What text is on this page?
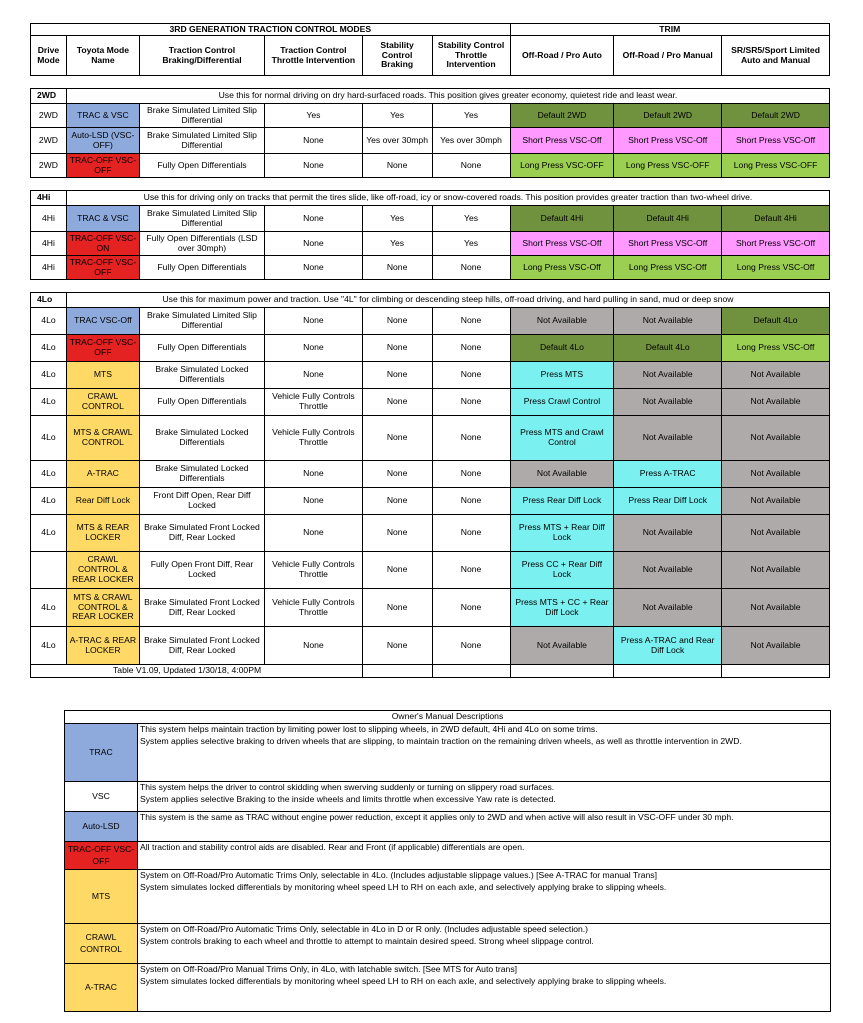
3RD GENERATION TRACTION CONTROL MODES						TRIM		
Drive Mode	Toyota Mode Name	Traction Control Braking/Differential	Traction Control Throttle Intervention	Stability Control Braking	Stability Control Throttle Intervention	Off-Road / Pro Auto	Off-Road / Pro Manual	SR/SR5/Sport Limited Auto and Manual

2WD	Use this for normal driving on dry hard-surfaced roads. This position gives greater economy, quietest ride and least wear.							
2WD	TRAC & VSC	Brake Simulated Limited Slip Differential	Yes	Yes	Yes	Default 2WD	Default 2WD	Default 2WD
2WD	Auto-LSD (VSC-OFF)	Brake Simulated Limited Slip Differential	None	Yes over 30mph	Yes over 30mph	Short Press VSC-Off	Short Press VSC-Off	Short Press VSC-Off
2WD	TRAC-OFF VSC-OFF	Fully Open Differentials	None	None	None	Long Press VSC-OFF	Long Press VSC-OFF	Long Press VSC-OFF

4Hi	Use this for driving only on tracks that permit the tires slide, like off-road, icy or snow-covered roads. This position provides greater traction than two-wheel drive.							
4Hi	TRAC & VSC	Brake Simulated Limited Slip Differential	None	Yes	Yes	Default 4Hi	Default 4Hi	Default 4Hi
4Hi	TRAC-OFF VSC-ON	Fully Open Differentials (LSD over 30mph)	None	Yes	Yes	Short Press VSC-Off	Short Press VSC-Off	Short Press VSC-Off
4Hi	TRAC-OFF VSC-OFF	Fully Open Differentials	None	None	None	Long Press VSC-Off	Long Press VSC-Off	Long Press VSC-Off

4Lo	Use this for maximum power and traction. Use "4L" for climbing or descending steep hills, off-road driving, and hard pulling in sand, mud or deep snow							
4Lo	TRAC VSC-Off	Brake Simulated Limited Slip Differential	None	None	None	Not Available	Not Available	Default 4Lo
4Lo	TRAC-OFF VSC-OFF	Fully Open Differentials	None	None	None	Default 4Lo	Default 4Lo	Long Press VSC-Off
4Lo	MTS	Brake Simulated Locked Differentials	None	None	None	Press MTS	Not Available	Not Available
4Lo	CRAWL CONTROL	Fully Open Differentials	Vehicle Fully Controls Throttle	None	None	Press Crawl Control	Not Available	Not Available
4Lo	MTS & CRAWL CONTROL	Brake Simulated Locked Differentials	Vehicle Fully Controls Throttle	None	None	Press MTS and Crawl Control	Not Available	Not Available
4Lo	A-TRAC	Brake Simulated Locked Differentials	None	None	None	Not Available	Press A-TRAC	Not Available
4Lo	Rear Diff Lock	Front Diff Open, Rear Diff Locked	None	None	None	Press Rear Diff Lock	Press Rear Diff Lock	Not Available
4Lo	MTS & REAR LOCKER	Brake Simulated Front Locked Diff, Rear Locked	None	None	None	Press MTS + Rear Diff Lock	Not Available	Not Available
	CRAWL CONTROL & REAR LOCKER	Fully Open Front Diff, Rear Locked	Vehicle Fully Controls Throttle	None	None	Press CC + Rear Diff Lock	Not Available	Not Available
4Lo	MTS & CRAWL CONTROL & REAR LOCKER	Brake Simulated Front Locked Diff, Rear Locked	Vehicle Fully Controls Throttle	None	None	Press MTS + CC + Rear Diff Lock	Not Available	Not Available
4Lo	A-TRAC & REAR LOCKER	Brake Simulated Front Locked Diff, Rear Locked	None	None	None	Not Available	Press A-TRAC and Rear Diff Lock	Not Available
Table V1.09, Updated 1/30/18, 4:00PM								
Owner's Manual Descriptions	
TRAC	This system helps maintain traction by limiting power lost to slipping wheels, in 2WD default, 4Hi and 4Lo on some trims.
System applies selective braking to driven wheels that are slipping, to maintain traction on the remaining driven wheels, as well as throttle intervention in 2WD.

VSC	This system helps the driver to control skidding when swerving suddenly or turning on slippery road surfaces.
System applies selective Braking to the inside wheels and limits throttle when excessive Yaw rate is detected.

Auto-LSD	This system is the same as TRAC without engine power reduction, except it applies only to 2WD and when active will also result in VSC-OFF under 30 mph.

TRAC-OFF VSC-OFF	All traction and stability control aids are disabled. Rear and Front (if applicable) differentials are open.

MTS	System on Off-Road/Pro Automatic Trims Only, selectable in 4Lo. (Includes adjustable slippage values.) [See A-TRAC for manual Trans]
System simulates locked differentials by monitoring wheel speed LH to RH on each axle, and selectively applying brake to slipping wheels.

CRAWL CONTROL	System on Off-Road/Pro Automatic Trims Only, selectable in 4Lo in D or R only. (Includes adjustable speed selection.)
System controls braking to each wheel and throttle to attempt to maintain desired speed. Strong wheel slippage control.

A-TRAC	System on Off-Road/Pro Manual Trims Only, in 4Lo, with latchable switch. [See MTS for Auto trans]
System simulates locked differentials by monitoring wheel speed LH to RH on each axle, and selectively applying brake to slipping wheels.
